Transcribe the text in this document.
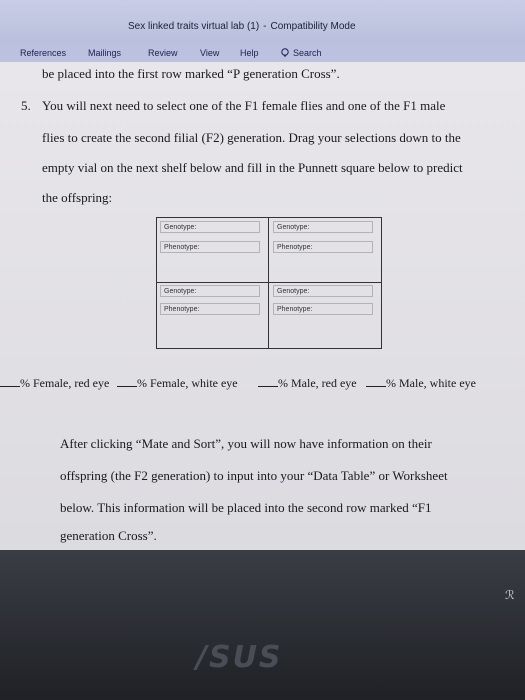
Sex linked traits virtual lab (1) - Compatibility Mode
References Mailings	Review View Help	Search
be placed into the first row marked “P generation Cross”.
5. You will next need to select one of the F1 female flies and one of the F1 male
flies to create the second filial (F2) generation. Drag your selections down to the
empty vial on the next shelf below and fill in the Punnett square below to predict
the offspring:
Genotype:
Phenotype:
Genotype:
Phenotype:
Genotype:
Phenotype:
Genotype:
Phenotype:
% Female, red eye	% Female, white eye	% Male, red eye	% Male, white eye
After clicking “Mate and Sort”, you will now have information on their
offspring (the F2 generation) to input into your “Data Table” or Worksheet
below. This information will be placed into the second row marked “F1
generation Cross”.
ℛ
/SUS
